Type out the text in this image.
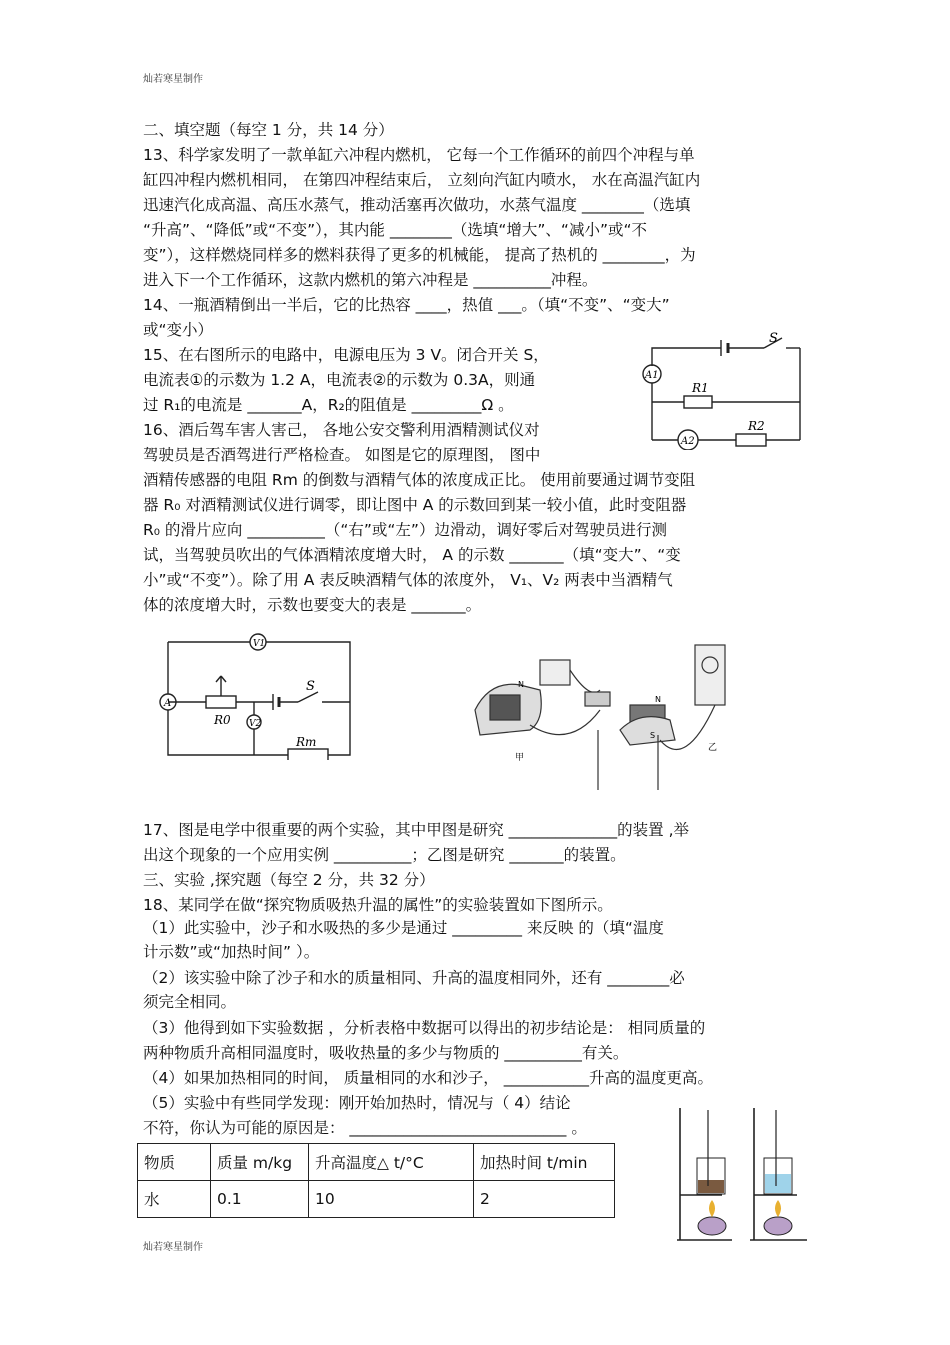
灿若寒星制作
二、填空题（每空 1 分，共 14 分）
13、科学家发明了一款单缸六冲程内燃机， 它每一个工作循环的前四个冲程与单
缸四冲程内燃机相同， 在第四冲程结束后， 立刻向汽缸内喷水， 水在高温汽缸内
迅速汽化成高温、高压水蒸气，推动活塞再次做功，水蒸气温度 ________（选填
“升高”、“降低”或“不变”），其内能 ________（选填“增大”、“减小”或“不
变”），这样燃烧同样多的燃料获得了更多的机械能， 提高了热机的 ________，为
进入下一个工作循环，这款内燃机的第六冲程是 __________冲程。
14、一瓶酒精倒出一半后，它的比热容 ____，热值 ___。（填“不变”、“变大”
或“变小）
15、在右图所示的电路中，电源电压为 3 V。闭合开关 S，
电流表①的示数为 1.2 A，电流表②的示数为 0.3A，则通
过 R₁的电流是 _______A，R₂的阻值是 _________Ω 。
16、酒后驾车害人害己， 各地公安交警利用酒精测试仪对
驾驶员是否酒驾进行严格检查。 如图是它的原理图， 图中
酒精传感器的电阻 Rm 的倒数与酒精气体的浓度成正比。 使用前要通过调节变阻
器 R₀ 对酒精测试仪进行调零，即让图中 A 的示数回到某一较小值，此时变阻器
R₀ 的滑片应向 __________（“右”或“左”）边滑动，调好零后对驾驶员进行测
试，当驾驶员吹出的气体酒精浓度增大时， A 的示数 _______（填“变大”、“变
小”或“不变”）。除了用 A 表反映酒精气体的浓度外， V₁、V₂ 两表中当酒精气
体的浓度增大时，示数也要变大的表是 _______。
17、图是电学中很重要的两个实验，其中甲图是研究 ______________的装置 ,举
出这个现象的一个应用实例 __________；乙图是研究 _______的装置。
三、实验 ,探究题（每空 2 分，共 32 分）
18、某同学在做“探究物质吸热升温的属性”的实验装置如下图所示。
（1）此实验中，沙子和水吸热的多少是通过 _________ 来反映 的（填“温度
计示数”或“加热时间” ）。
（2）该实验中除了沙子和水的质量相同、升高的温度相同外，还有 ________必
须完全相同。
（3）他得到如下实验数据 ，分析表格中数据可以得出的初步结论是： 相同质量的
两种物质升高相同温度时，吸收热量的多少与物质的 __________有关。
（4）如果加热相同的时间， 质量相同的水和沙子， ___________升高的温度更高。
（5）实验中有些同学发现：刚开始加热时，情况与（ 4）结论
不符，你认为可能的原因是： ____________________________ 。
灿若寒星制作
A1
R1
R2
A2
S
V1
A
R0 V2
S
Rm
N
N
S
甲
乙
物质	质量 m/kg	升高温度△ t/°C	加热时间 t/min
水	0.1	10	2
